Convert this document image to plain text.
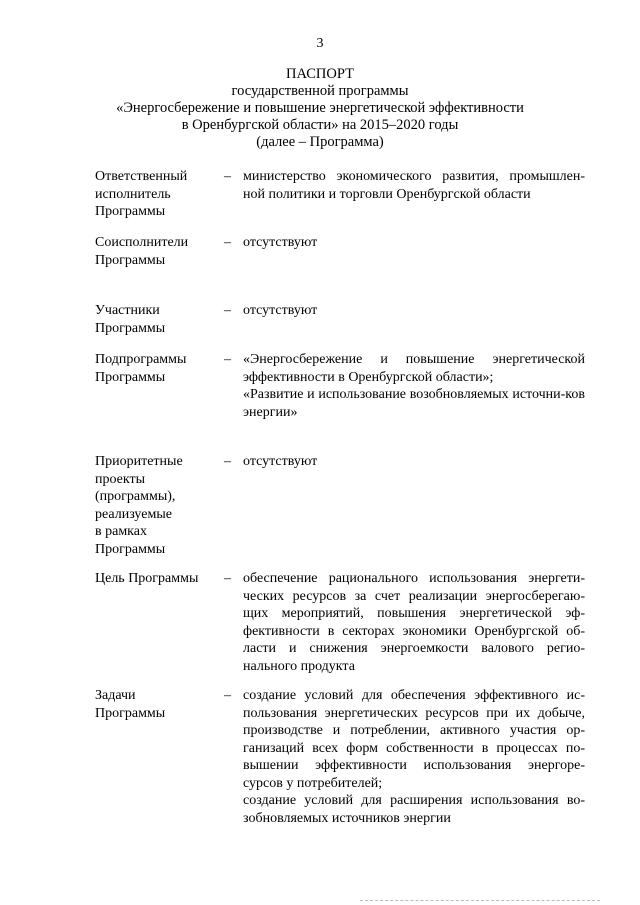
3
ПАСПОРТ
государственной программы
«Энергосбережение и повышение энергетической эффективности
в Оренбургской области» на 2015–2020 годы
(далее – Программа)
Ответственный
исполнитель
Программы
– министерство экономического развития, промышлен-ной политики и торговли Оренбургской области

Соисполнители
Программы
– отсутствуют

Участники
Программы
– отсутствуют

Подпрограммы
Программы
– «Энергосбережение и повышение энергетической эффективности в Оренбургской области»;

«Развитие и использование возобновляемых источни-ков энергии»

Приоритетные
проекты
(программы),
реализуемые
в рамках
Программы
– отсутствуют

Цель Программы	– обеспечение рационального использования энергети-ческих ресурсов за счет реализации энергосберегаю-щих мероприятий, повышения энергетической эф-фективности в секторах экономики Оренбургской об-ласти и снижения энергоемкости валового регио-нального продукта

Задачи
Программы
– создание условий для обеспечения эффективного ис-пользования энергетических ресурсов при их добыче, производстве и потреблении, активного участия ор-ганизаций всех форм собственности в процессах по-вышении эффективности использования энергоре-сурсов у потребителей;

создание условий для расширения использования во-зобновляемых источников энергии
